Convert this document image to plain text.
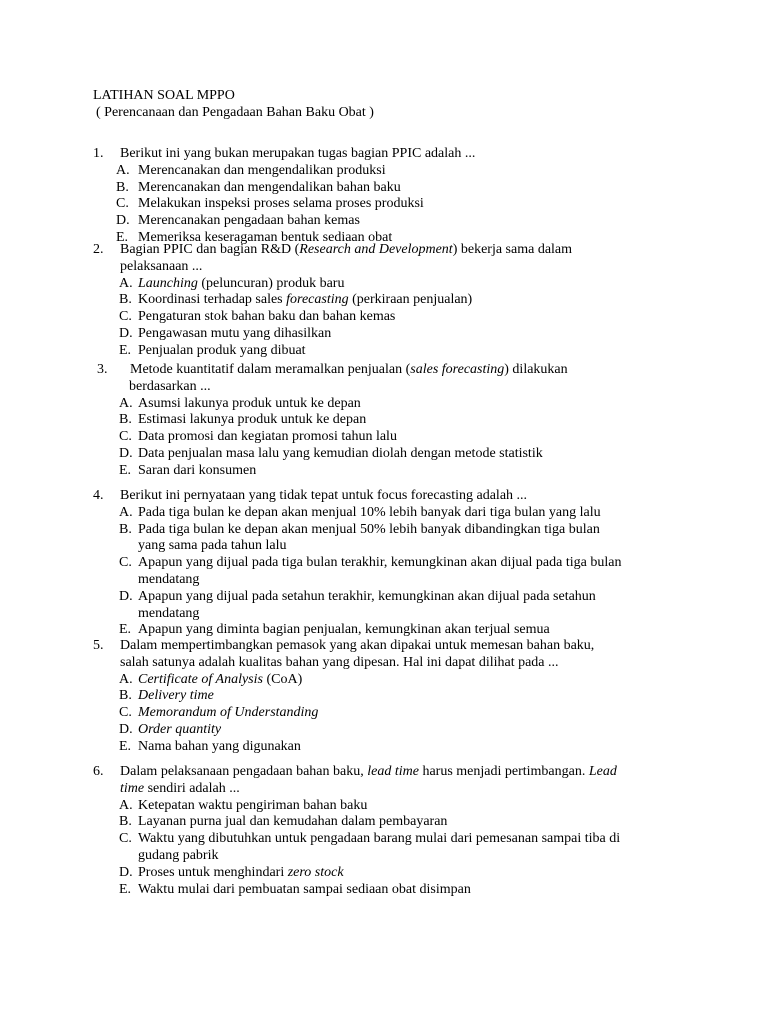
LATIHAN SOAL MPPO
( Perencanaan dan Pengadaan Bahan Baku Obat )
1. Berikut ini yang bukan merupakan tugas bagian PPIC adalah ...
A. Merencanakan dan mengendalikan produksi
B. Merencanakan dan mengendalikan bahan baku
C. Melakukan inspeksi proses selama proses produksi
D. Merencanakan pengadaan bahan kemas
E. Memeriksa keseragaman bentuk sediaan obat
2. Bagian PPIC dan bagian R&D (Research and Development) bekerja sama dalam
pelaksanaan ...
A. Launching (peluncuran) produk baru
B. Koordinasi terhadap sales forecasting (perkiraan penjualan)
C. Pengaturan stok bahan baku dan bahan kemas
D. Pengawasan mutu yang dihasilkan
E. Penjualan produk yang dibuat
3. Metode kuantitatif dalam meramalkan penjualan (sales forecasting) dilakukan
berdasarkan ...
A. Asumsi lakunya produk untuk ke depan
B. Estimasi lakunya produk untuk ke depan
C. Data promosi dan kegiatan promosi tahun lalu
D. Data penjualan masa lalu yang kemudian diolah dengan metode statistik
E. Saran dari konsumen
4. Berikut ini pernyataan yang tidak tepat untuk focus forecasting adalah ...
A. Pada tiga bulan ke depan akan menjual 10% lebih banyak dari tiga bulan yang lalu
B. Pada tiga bulan ke depan akan menjual 50% lebih banyak dibandingkan tiga bulan
yang sama pada tahun lalu
C. Apapun yang dijual pada tiga bulan terakhir, kemungkinan akan dijual pada tiga bulan
mendatang
D. Apapun yang dijual pada setahun terakhir, kemungkinan akan dijual pada setahun
mendatang
E. Apapun yang diminta bagian penjualan, kemungkinan akan terjual semua
5. Dalam mempertimbangkan pemasok yang akan dipakai untuk memesan bahan baku,
salah satunya adalah kualitas bahan yang dipesan. Hal ini dapat dilihat pada ...
A. Certificate of Analysis (CoA)
B. Delivery time
C. Memorandum of Understanding
D. Order quantity
E. Nama bahan yang digunakan
6. Dalam pelaksanaan pengadaan bahan baku, lead time harus menjadi pertimbangan. Lead
time sendiri adalah ...
A. Ketepatan waktu pengiriman bahan baku
B. Layanan purna jual dan kemudahan dalam pembayaran
C. Waktu yang dibutuhkan untuk pengadaan barang mulai dari pemesanan sampai tiba di
gudang pabrik
D. Proses untuk menghindari zero stock
E. Waktu mulai dari pembuatan sampai sediaan obat disimpan
